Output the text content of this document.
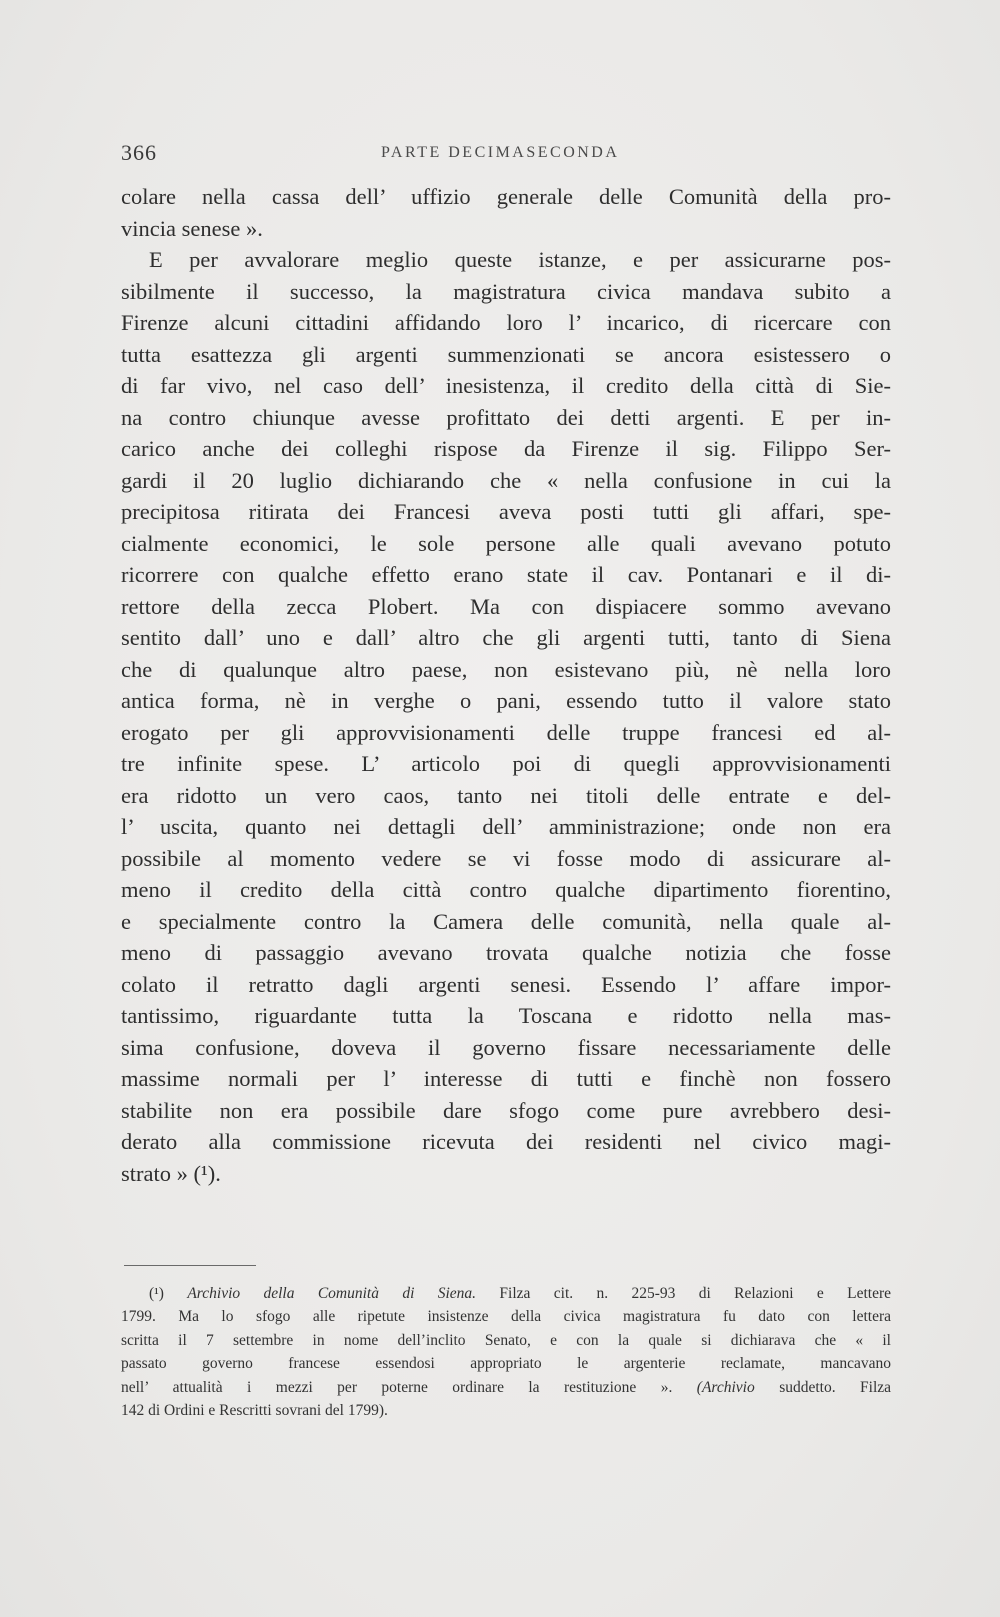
366	PARTE DECIMASECONDA
colare nella cassa dell’ uffizio generale delle Comunità della pro-
vincia senese ».
E per avvalorare meglio queste istanze, e per assicurarne pos-
sibilmente il successo, la magistratura civica mandava subito a
Firenze alcuni cittadini affidando loro l’ incarico, di ricercare con
tutta esattezza gli argenti summenzionati se ancora esistessero o
di far vivo, nel caso dell’ inesistenza, il credito della città di Sie-
na contro chiunque avesse profittato dei detti argenti. E per in-
carico anche dei colleghi rispose da Firenze il sig. Filippo Ser-
gardi il 20 luglio dichiarando che « nella confusione in cui la
precipitosa ritirata dei Francesi aveva posti tutti gli affari, spe-
cialmente economici, le sole persone alle quali avevano potuto
ricorrere con qualche effetto erano state il cav. Pontanari e il di-
rettore della zecca Plobert. Ma con dispiacere sommo avevano
sentito dall’ uno e dall’ altro che gli argenti tutti, tanto di Siena
che di qualunque altro paese, non esistevano più, nè nella loro
antica forma, nè in verghe o pani, essendo tutto il valore stato
erogato per gli approvvisionamenti delle truppe francesi ed al-
tre infinite spese. L’ articolo poi di quegli approvvisionamenti
era ridotto un vero caos, tanto nei titoli delle entrate e del-
l’ uscita, quanto nei dettagli dell’ amministrazione; onde non era
possibile al momento vedere se vi fosse modo di assicurare al-
meno il credito della città contro qualche dipartimento fiorentino,
e specialmente contro la Camera delle comunità, nella quale al-
meno di passaggio avevano trovata qualche notizia che fosse
colato il retratto dagli argenti senesi. Essendo l’ affare impor-
tantissimo, riguardante tutta la Toscana e ridotto nella mas-
sima confusione, doveva il governo fissare necessariamente delle
massime normali per l’ interesse di tutti e finchè non fossero
stabilite non era possibile dare sfogo come pure avrebbero desi-
derato alla commissione ricevuta dei residenti nel civico magi-
strato » (¹).
(¹) Archivio della Comunità di Siena. Filza cit. n. 225-93 di Relazioni e Lettere
1799. Ma lo sfogo alle ripetute insistenze della civica magistratura fu dato con lettera
scritta il 7 settembre in nome dell’inclito Senato, e con la quale si dichiarava che « il
passato governo francese essendosi appropriato le argenterie reclamate, mancavano
nell’ attualità i mezzi per poterne ordinare la restituzione ». (Archivio suddetto. Filza
142 di Ordini e Rescritti sovrani del 1799).
